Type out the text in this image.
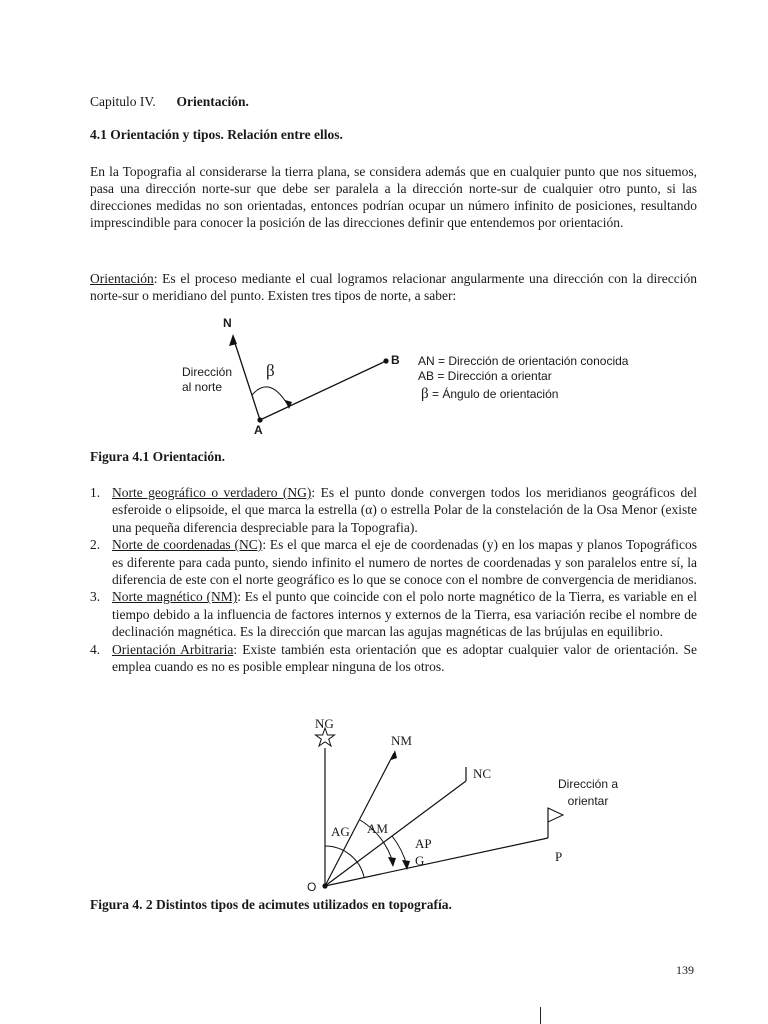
Capitulo IV. Orientación.
4.1 Orientación y tipos. Relación entre ellos.
En la Topografia al considerarse la tierra plana, se considera además que en cualquier punto que nos situemos, pasa una dirección norte-sur que debe ser paralela a la dirección norte-sur de cualquier otro punto, si las direcciones medidas no son orientadas, entonces podrían ocupar un número infinito de posiciones, resultando imprescindible para conocer la posición de las direcciones definir que entendemos por orientación.
Orientación: Es el proceso mediante el cual logramos relacionar angularmente una dirección con la dirección norte-sur o meridiano del punto. Existen tres tipos de norte, a saber:
N
B
A
β
Dirección
al norte
AN = Dirección de orientación conocida
AB = Dirección a orientar
β = Ángulo de orientación
Figura 4.1 Orientación.
1. Norte geográfico o verdadero (NG): Es el punto donde convergen todos los meridianos geográficos del esferoide o elipsoide, el que marca la estrella (α) o estrella Polar de la constelación de la Osa Menor (existe una pequeña diferencia despreciable para la Topografia).
2. Norte de coordenadas (NC): Es el que marca el eje de coordenadas (y) en los mapas y planos Topográficos es diferente para cada punto, siendo infinito el numero de nortes de coordenadas y son paralelos entre sí, la diferencia de este con el norte geográfico es lo que se conoce con el nombre de convergencia de meridianos.
3. Norte magnético (NM): Es el punto que coincide con el polo norte magnético de la Tierra, es variable en el tiempo debido a la influencia de factores internos y externos de la Tierra, esa variación recibe el nombre de declinación magnética. Es la dirección que marcan las agujas magnéticas de las brújulas en equilibrio.
4. Orientación Arbitraria: Existe también esta orientación que es adoptar cualquier valor de orientación. Se emplea cuando es no es posible emplear ninguna de los otros.
NG
NM
NC
AG AM
AP
G	P
O
Dirección a
orientar
Figura 4. 2 Distintos tipos de acimutes utilizados en topografía.
139
